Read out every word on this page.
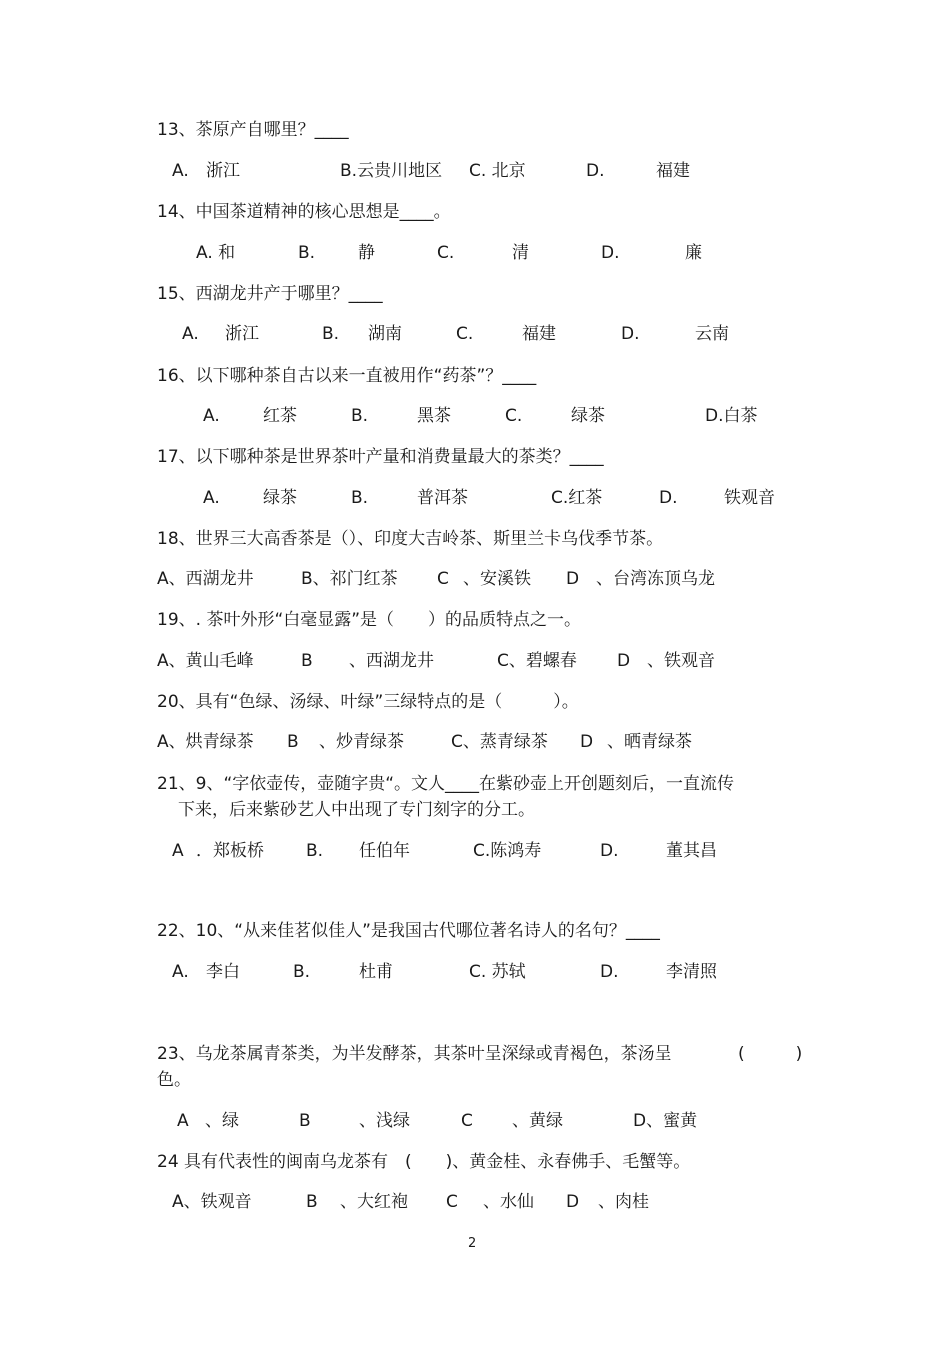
13、茶原产自哪里？____
A. 浙江	B.云贵川地区 C. 北京	D.	福建
14、中国茶道精神的核心思想是____。
A. 和	B.	静	C.	清	D.	廉
15、西湖龙井产于哪里？____
A. 浙江	B. 湖南	C.	福建	D.	云南
16、以下哪种茶自古以来一直被用作“药茶”？____
A.	红茶	B.	黑茶	C.	绿茶	D.白茶
17、以下哪种茶是世界茶叶产量和消费量最大的茶类？____
A.	绿茶	B.	普洱茶	C.红茶	D.	铁观音
18、世界三大高香茶是（）、印度大吉岭茶、斯里兰卡乌伐季节茶。
A、西湖龙井	B、祁门红茶 C 、安溪铁 D 、台湾冻顶乌龙
19、. 茶叶外形“白毫显露”是（　　）的品质特点之一。
A、黄山毛峰	B 、西湖龙井	C、碧螺春 D 、铁观音
20、具有“色绿、汤绿、叶绿”三绿特点的是（　　　）。
A、烘青绿茶 B 、炒青绿茶	C、蒸青绿茶 D 、晒青绿茶
21、9、“字依壶传，壶随字贵“。文人____在紫砂壶上开创题刻后，一直流传
下来，后来紫砂艺人中出现了专门刻字的分工。
A ．郑板桥 B. 任伯年	C.陈鸿寿	D.	董其昌
22、10、“从来佳茗似佳人”是我国古代哪位著名诗人的名句？____
A. 李白	B.	杜甫	C. 苏轼	D.	李清照
23、乌龙茶属青茶类，为半发酵茶，其茶叶呈深绿或青褐色，茶汤呈	(　　　)
色。
A 、绿	B	、浅绿	C 、黄绿	D、蜜黄
24 具有代表性的闽南乌龙茶有　(　　)、黄金桂、永春佛手、毛蟹等。
A、铁观音	B 、大红袍 C 、水仙 D 、肉桂
2
